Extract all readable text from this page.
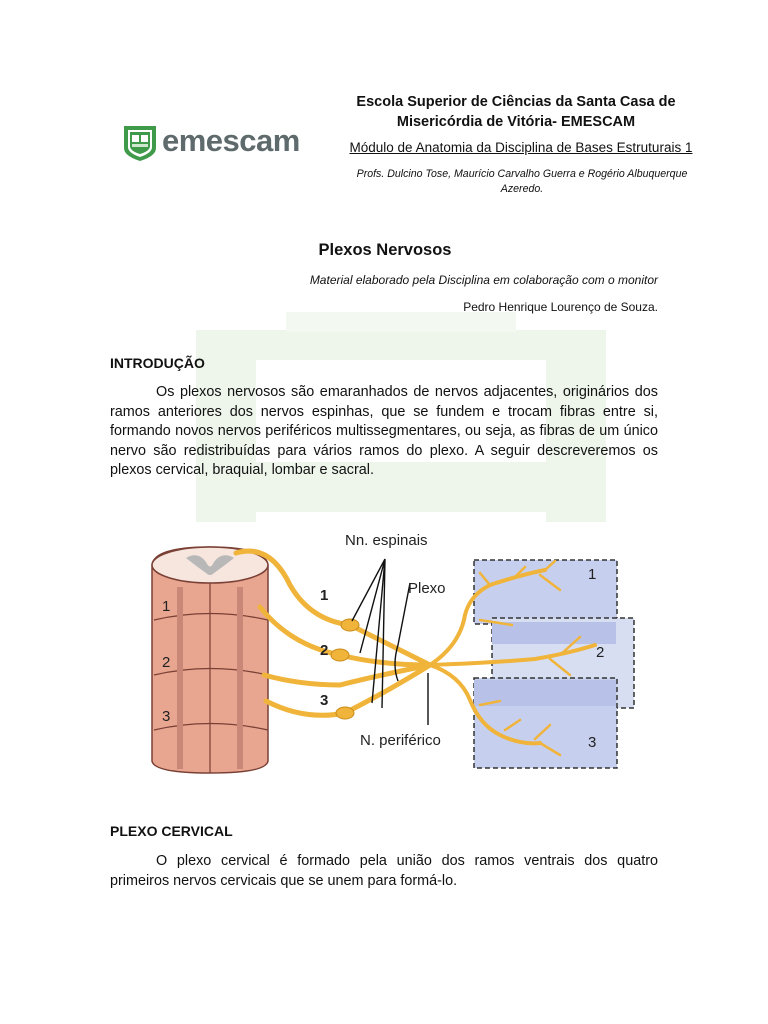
emescam
Escola Superior de Ciências da Santa Casa de Misericórdia de Vitória- EMESCAM
Módulo de Anatomia da Disciplina de Bases Estruturais 1
Profs. Dulcino Tose, Maurício Carvalho Guerra e Rogério Albuquerque Azeredo.
Plexos Nervosos
Material elaborado pela Disciplina em colaboração com o monitor
Pedro Henrique Lourenço de Souza.
INTRODUÇÃO
Os plexos nervosos são emaranhados de nervos adjacentes, originários dos ramos anteriores dos nervos espinhas, que se fundem e trocam fibras entre si, formando novos nervos periféricos multissegmentares, ou seja, as fibras de um único nervo são redistribuídas para vários ramos do plexo. A seguir descreveremos os plexos cervical, braquial, lombar e sacral.
1
2
3
Nn. espinais
Plexo
N. periférico
1
2
3
1
2
3
PLEXO CERVICAL
O plexo cervical é formado pela união dos ramos ventrais dos quatro primeiros nervos cervicais que se unem para formá-lo.
